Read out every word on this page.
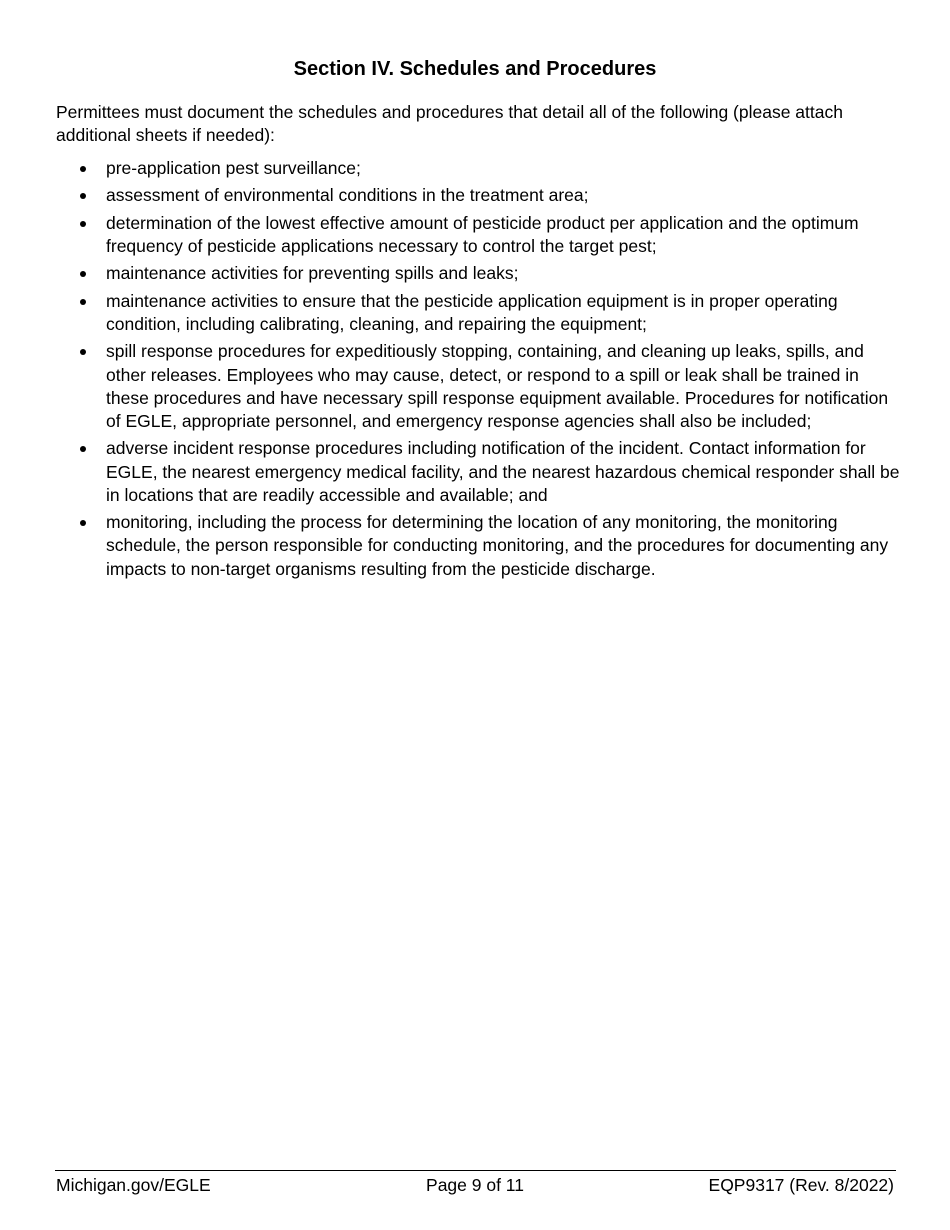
Section IV. Schedules and Procedures

Permittees must document the schedules and procedures that detail all of the following (please attach additional sheets if needed):

pre-application pest surveillance;
assessment of environmental conditions in the treatment area;
determination of the lowest effective amount of pesticide product per application and the optimum frequency of pesticide applications necessary to control the target pest;
maintenance activities for preventing spills and leaks;
maintenance activities to ensure that the pesticide application equipment is in proper operating condition, including calibrating, cleaning, and repairing the equipment;
spill response procedures for expeditiously stopping, containing, and cleaning up leaks, spills, and other releases. Employees who may cause, detect, or respond to a spill or leak shall be trained in these procedures and have necessary spill response equipment available. Procedures for notification of EGLE, appropriate personnel, and emergency response agencies shall also be included;
adverse incident response procedures including notification of the incident. Contact information for EGLE, the nearest emergency medical facility, and the nearest hazardous chemical responder shall be in locations that are readily accessible and available; and
monitoring, including the process for determining the location of any monitoring, the monitoring schedule, the person responsible for conducting monitoring, and the procedures for documenting any impacts to non-target organisms resulting from the pesticide discharge.
Michigan.gov/EGLE	Page 9 of 11	EQP9317 (Rev. 8/2022)
